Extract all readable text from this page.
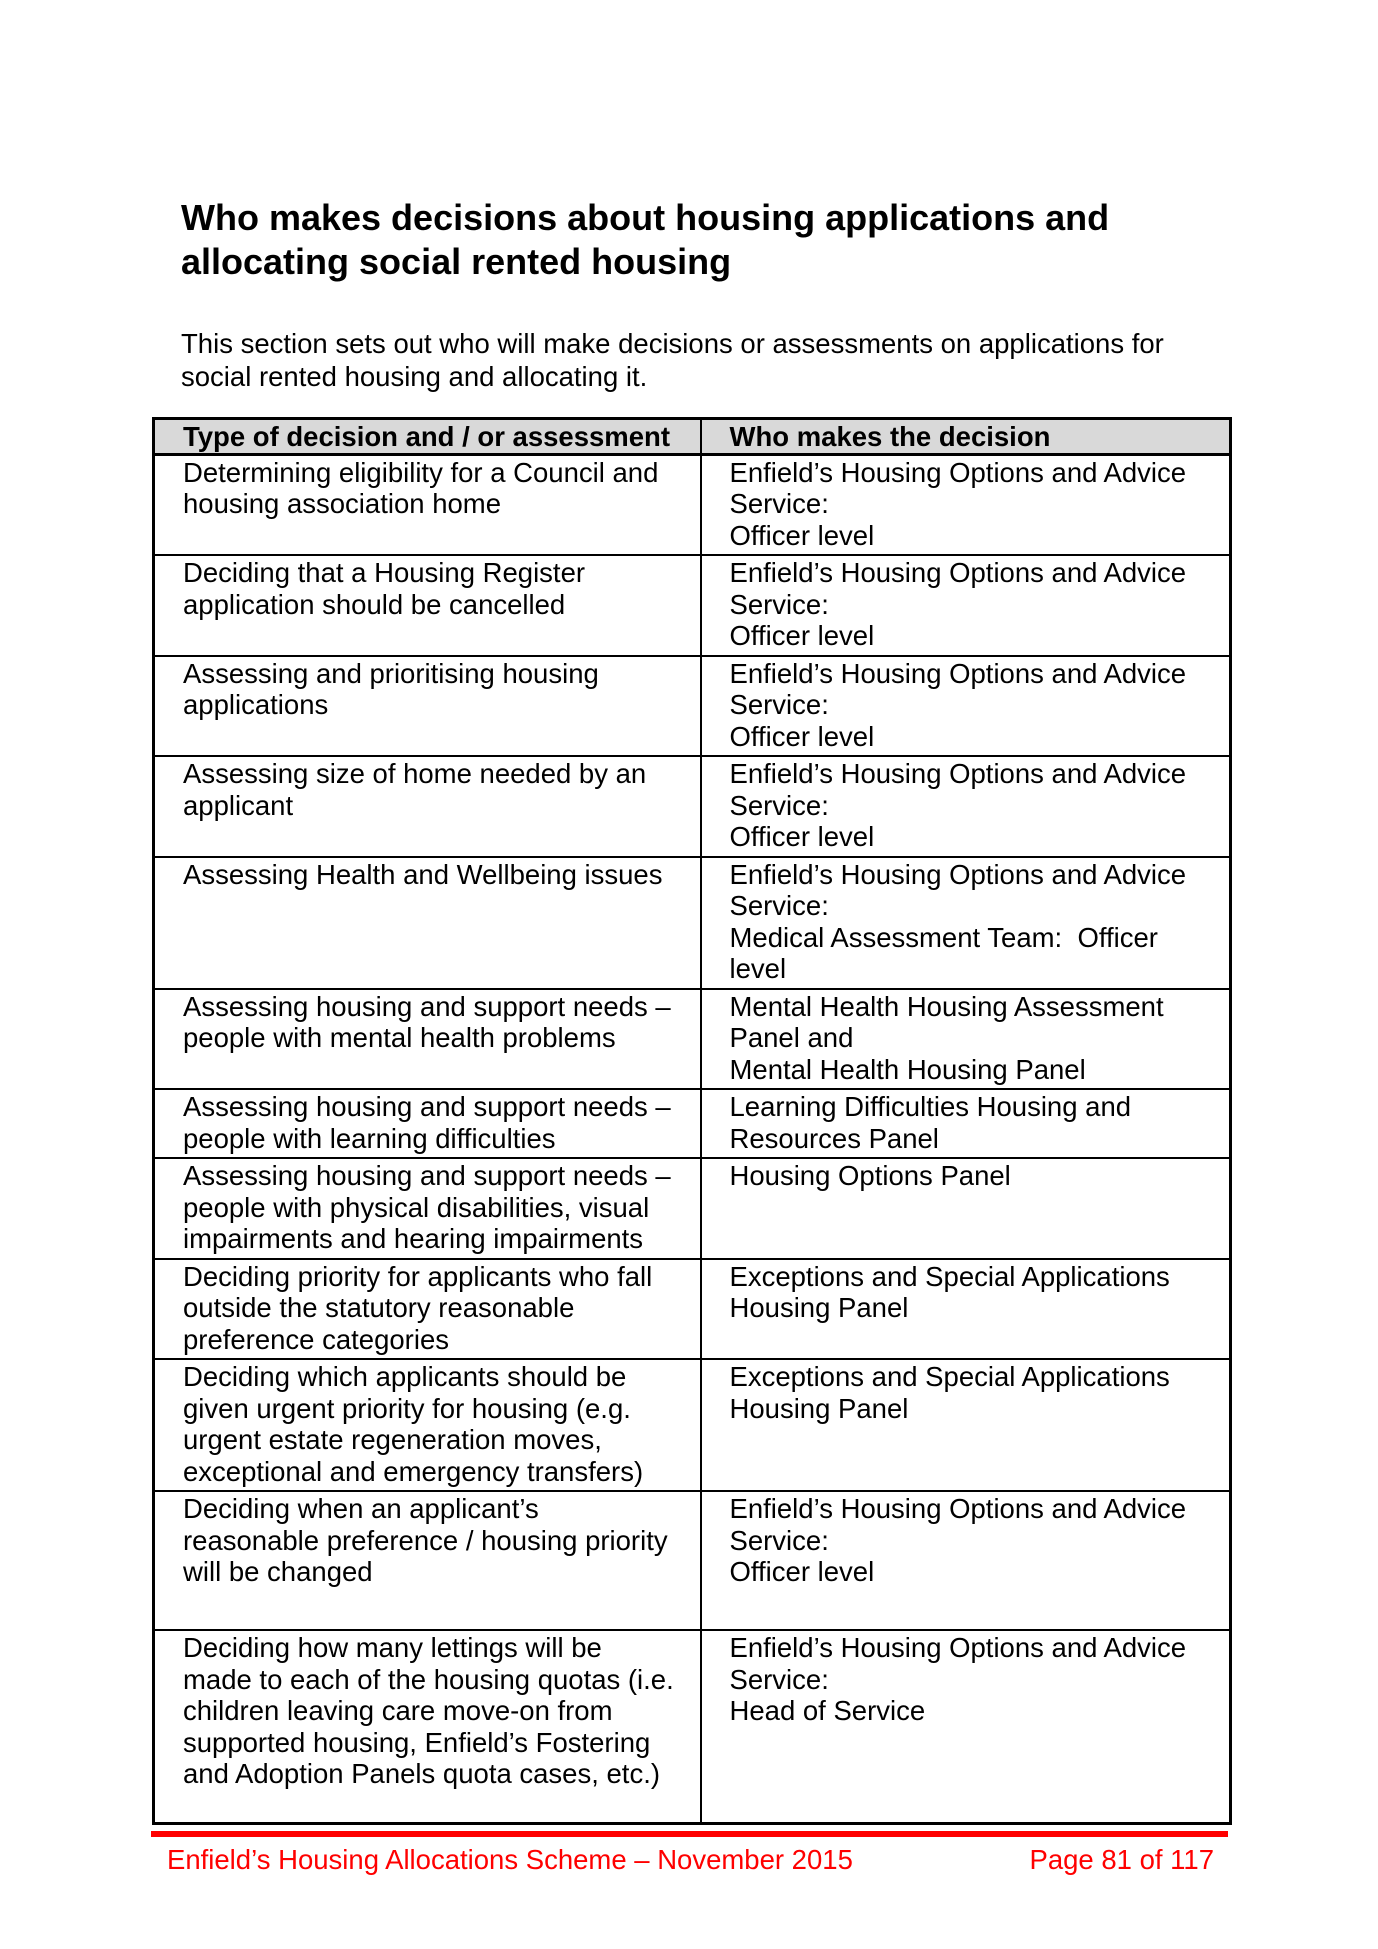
Who makes decisions about housing applications and allocating social rented housing

This section sets out who will make decisions or assessments on applications for social rented housing and allocating it.

Type of decision and / or assessment	Who makes the decision
Determining eligibility for a Council and housing association home	Enfield’s Housing Options and Advice Service:
Officer level

Deciding that a Housing Register application should be cancelled	Enfield’s Housing Options and Advice Service:
Officer level

Assessing and prioritising housing applications	Enfield’s Housing Options and Advice Service:
Officer level

Assessing size of home needed by an applicant	Enfield’s Housing Options and Advice Service:
Officer level

Assessing Health and Wellbeing issues	Enfield’s Housing Options and Advice Service:
Medical Assessment Team:  Officer level

Assessing housing and support needs – people with mental health problems	Mental Health Housing Assessment Panel and
Mental Health Housing Panel

Assessing housing and support needs – people with learning difficulties	Learning Difficulties Housing and Resources Panel

Assessing housing and support needs – people with physical disabilities, visual impairments and hearing impairments	Housing Options Panel

Deciding priority for applicants who fall outside the statutory reasonable preference categories	Exceptions and Special Applications Housing Panel

Deciding which applicants should be given urgent priority for housing (e.g. urgent estate regeneration moves, exceptional and emergency transfers)	Exceptions and Special Applications Housing Panel

Deciding when an applicant’s reasonable preference / housing priority will be changed	Enfield’s Housing Options and Advice Service:
Officer level

Deciding how many lettings will be made to each of the housing quotas (i.e. children leaving care move-on from supported housing, Enfield’s Fostering and Adoption Panels quota cases, etc.)	Enfield’s Housing Options and Advice Service:
Head of Service
Enfield’s Housing Allocations Scheme – November 2015	Page 81 of 117
